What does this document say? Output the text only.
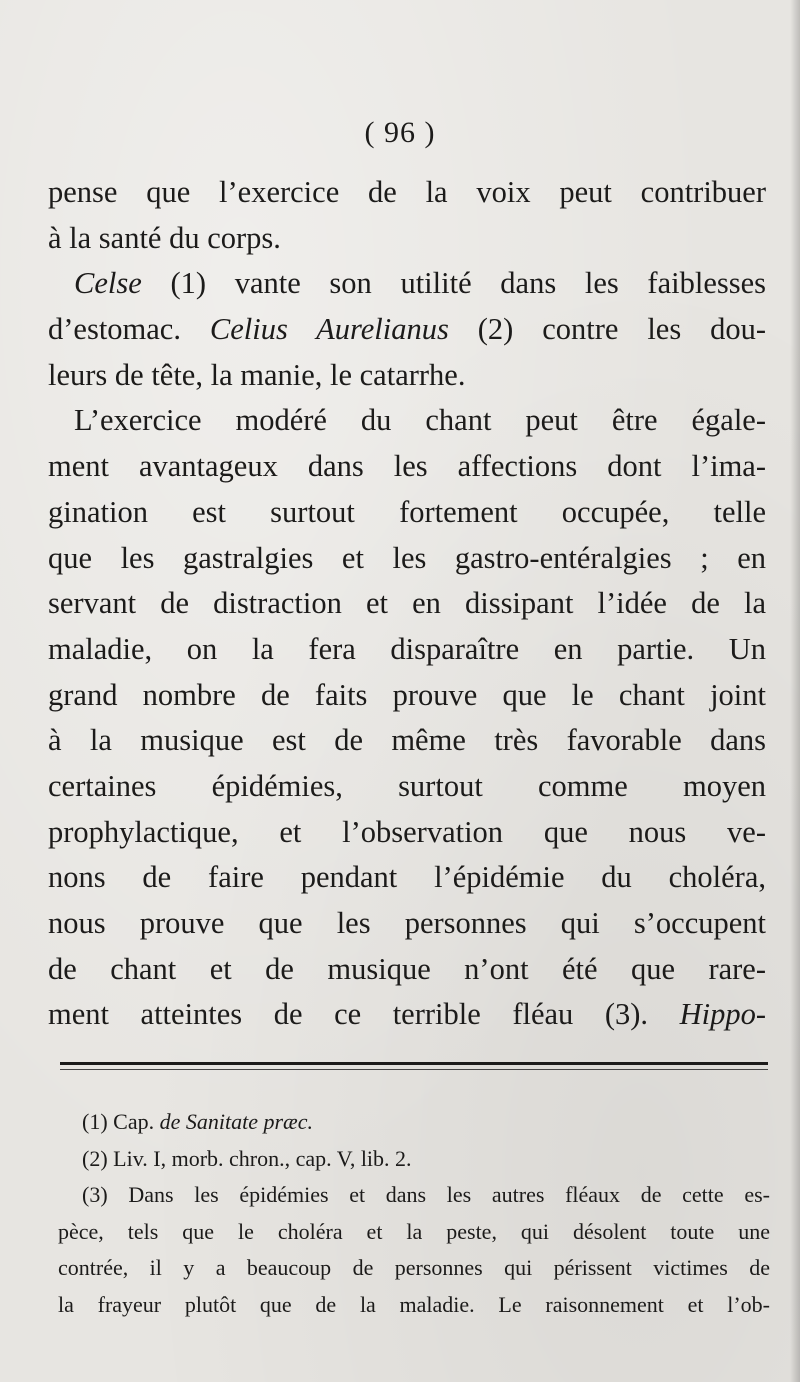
( 96 )
pense que l’exercice de la voix peut contribuer
à la santé du corps.
Celse (1) vante son utilité dans les faiblesses
d’estomac. Celius Aurelianus (2) contre les dou-
leurs de tête, la manie, le catarrhe.
L’exercice modéré du chant peut être égale-
ment avantageux dans les affections dont l’ima-
gination est surtout fortement occupée, telle
que les gastralgies et les gastro-entéralgies ; en
servant de distraction et en dissipant l’idée de la
maladie, on la fera disparaître en partie. Un
grand nombre de faits prouve que le chant joint
à la musique est de même très favorable dans
certaines épidémies, surtout comme moyen
prophylactique, et l’observation que nous ve-
nons de faire pendant l’épidémie du choléra,
nous prouve que les personnes qui s’occupent
de chant et de musique n’ont été que rare-
ment atteintes de ce terrible fléau (3). Hippo-
(1) Cap. de Sanitate præc.
(2) Liv. I, morb. chron., cap. V, lib. 2.
(3) Dans les épidémies et dans les autres fléaux de cette es-
pèce, tels que le choléra et la peste, qui désolent toute une
contrée, il y a beaucoup de personnes qui périssent victimes de
la frayeur plutôt que de la maladie. Le raisonnement et l’ob-
